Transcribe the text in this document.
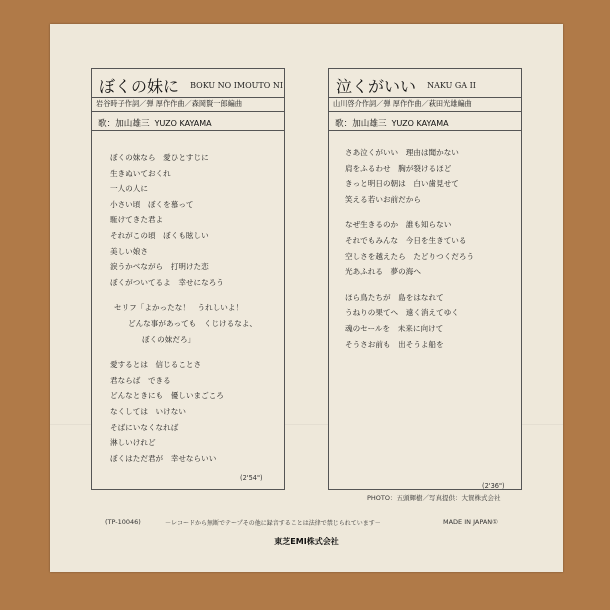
ぼくの妹に BOKU NO IMOUTO NI
岩谷時子作詞／弾 厚作作曲／森岡賢一郎編曲
歌：加山雄三 YUZO KAYAMA
ぼくの妹なら　愛ひとすじに
生きぬいておくれ
一人の人に
小さい頃　ぼくを慕って
駈けてきた君よ
それがこの頃　ぼくも眩しい
美しい娘さ
涙うかべながら　打明けた恋
ぼくがついてるよ　幸せになろう
セリフ「よかったな！　うれしいよ！
どんな事があっても　くじけるなよ、
ぼくの妹だろ」
愛するとは　信じることさ
君ならば　できる
どんなときにも　優しいまごころ
なくしては　いけない
そばにいなくなれば
淋しいけれど
ぼくはただ君が　幸せならいい
(2'54")
泣くがいい NAKU GA II
山川啓介作詞／弾 厚作作曲／萩田光雄編曲
歌：加山雄三 YUZO KAYAMA
さあ泣くがいい　理由は聞かない
肩をふるわせ　胸が裂けるほど
きっと明日の朝は　白い歯見せて
笑える若いお前だから
なぜ生きるのか　誰も知らない
それでもみんな　今日を生きている
空しさを越えたら　たどりつくだろう
光あふれる　夢の海へ
ほら鳥たちが　島をはなれて
うねりの果てへ　遠く消えてゆく
魂のセールを　未来に向けて
そうさお前も　出そうよ船を
(2'36")
PHOTO：五頭輝樹／写真提供：大賀株式会社
(TP-10046)	－レコードから無断でテープその他に録音することは法律で禁じられています－	MADE IN JAPAN①
東芝EMI株式会社
